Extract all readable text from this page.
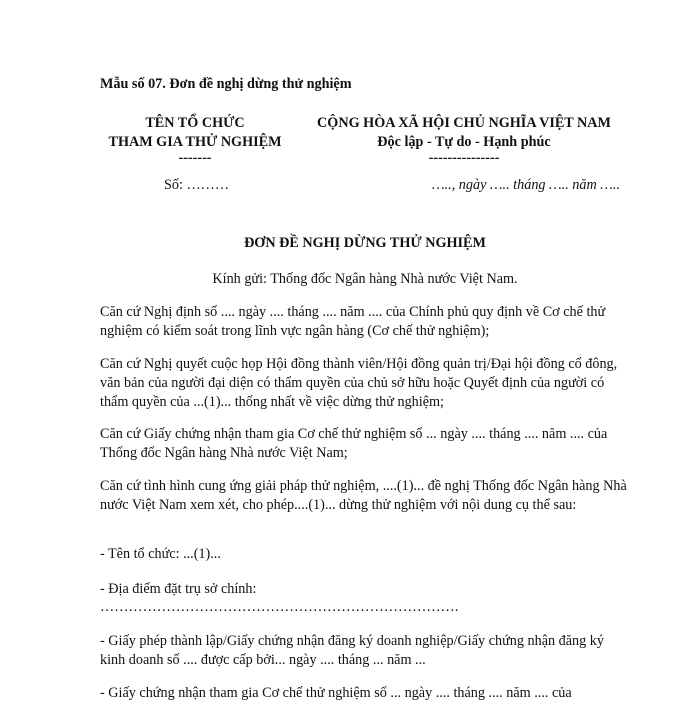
Mẫu số 07. Đơn đề nghị dừng thử nghiệm
TÊN TỔ CHỨC
THAM GIA THỬ NGHIỆM
-------
CỘNG HÒA XÃ HỘI CHỦ NGHĨA VIỆT NAM
Độc lập - Tự do - Hạnh phúc
---------------
Số: ………	….., ngày ….. tháng ….. năm …..
ĐƠN ĐỀ NGHỊ DỪNG THỬ NGHIỆM
Kính gửi: Thống đốc Ngân hàng Nhà nước Việt Nam.
Căn cứ Nghị định số .... ngày .... tháng .... năm .... của Chính phủ quy định về Cơ chế thử nghiệm có kiểm soát trong lĩnh vực ngân hàng (Cơ chế thử nghiệm);
Căn cứ Nghị quyết cuộc họp Hội đồng thành viên/Hội đồng quản trị/Đại hội đồng cổ đông, văn bản của người đại diện có thẩm quyền của chủ sở hữu hoặc Quyết định của người có thẩm quyền của ...(1)... thống nhất về việc dừng thử nghiệm;
Căn cứ Giấy chứng nhận tham gia Cơ chế thử nghiệm số ... ngày .... tháng .... năm .... của Thống đốc Ngân hàng Nhà nước Việt Nam;
Căn cứ tình hình cung ứng giải pháp thử nghiệm, ....(1)... đề nghị Thống đốc Ngân hàng Nhà nước Việt Nam xem xét, cho phép....(1)... dừng thử nghiệm với nội dung cụ thể sau:
- Tên tổ chức: ...(1)...
- Địa điểm đặt trụ sở chính:
………………………………………………………………….
- Giấy phép thành lập/Giấy chứng nhận đăng ký doanh nghiệp/Giấy chứng nhận đăng ký kinh doanh số .... được cấp bởi... ngày .... tháng ... năm ...
- Giấy chứng nhận tham gia Cơ chế thử nghiệm số ... ngày .... tháng .... năm .... của
